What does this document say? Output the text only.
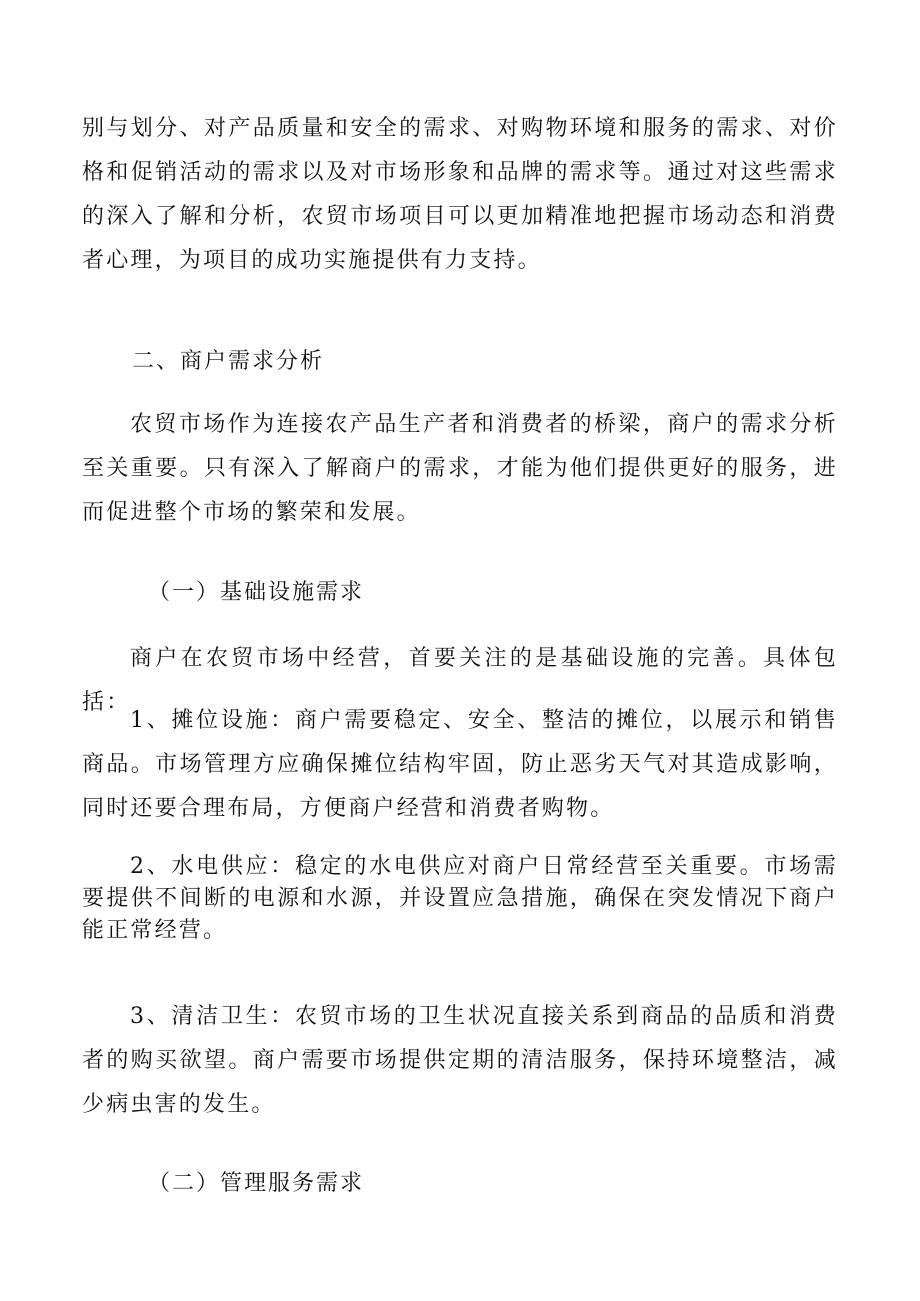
别与划分、对产品质量和安全的需求、对购物环境和服务的需求、对价格和促销活动的需求以及对市场形象和品牌的需求等。通过对这些需求的深入了解和分析，农贸市场项目可以更加精准地把握市场动态和消费者心理，为项目的成功实施提供有力支持。

二、商户需求分析

农贸市场作为连接农产品生产者和消费者的桥梁，商户的需求分析至关重要。只有深入了解商户的需求，才能为他们提供更好的服务，进而促进整个市场的繁荣和发展。

（一）基础设施需求

商户在农贸市场中经营，首要关注的是基础设施的完善。具体包括：

1、摊位设施：商户需要稳定、安全、整洁的摊位，以展示和销售商品。市场管理方应确保摊位结构牢固，防止恶劣天气对其造成影响，同时还要合理布局，方便商户经营和消费者购物。

2、水电供应：稳定的水电供应对商户日常经营至关重要。市场需要提供不间断的电源和水源，并设置应急措施，确保在突发情况下商户能正常经营。

3、清洁卫生：农贸市场的卫生状况直接关系到商品的品质和消费者的购买欲望。商户需要市场提供定期的清洁服务，保持环境整洁，减少病虫害的发生。

（二）管理服务需求
